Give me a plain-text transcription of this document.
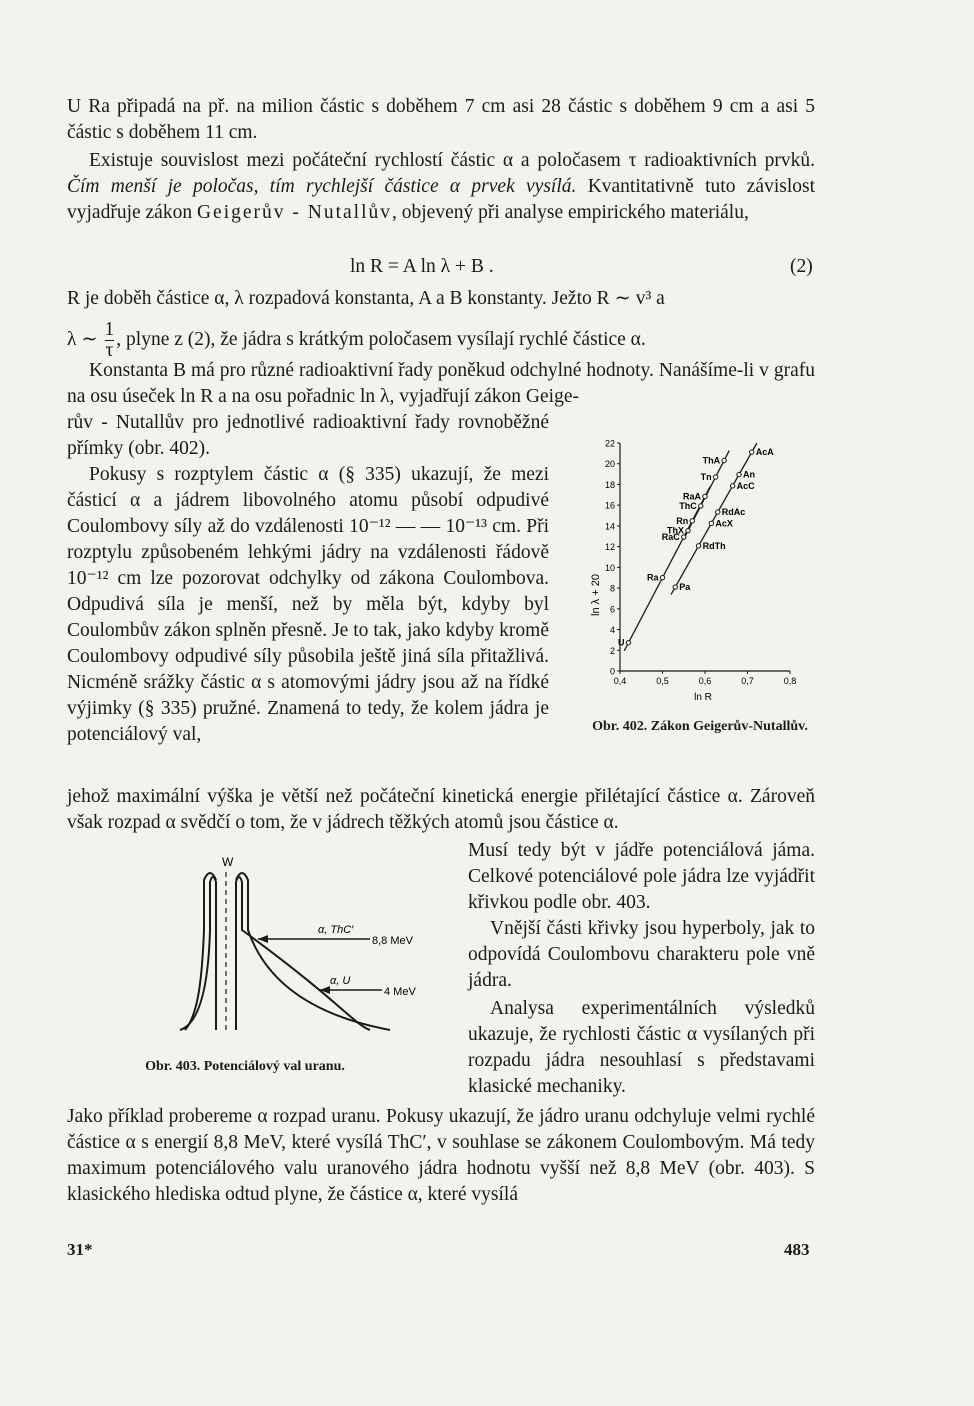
U Ra připadá na př. na milion částic s doběhem 7 cm asi 28 částic s doběhem 9 cm a asi 5 částic s doběhem 11 cm.

Existuje souvislost mezi počáteční rychlostí částic α a poločasem τ radioaktivních prvků. Čím menší je poločas, tím rychlejší částice α prvek vysílá. Kvantitativně tuto závislost vyjadřuje zákon Geigerův - Nutallův, objevený při analyse empirického materiálu,

ln R = A ln λ + B .	(2)

R je doběh částice α, λ rozpadová konstanta, A a B konstanty. Ježto R ∼ v³ a

λ ∼ $\frac{1}{\tau}$ , plyne z (2), že jádra s krátkým poločasem vysílají rychlé částice α.

Konstanta B má pro různé radioaktivní řady poněkud odchylné hodnoty. Nanášíme-li v grafu na osu úseček ln R a na osu pořadnic ln λ, vyjadřují zákon Geige-

rův - Nutallův pro jednotlivé radioaktivní řady rovnoběžné přímky (obr. 402).

Pokusy s rozptylem částic α (§ 335) ukazují, že mezi částicí α a jádrem libovolného atomu působí odpudivé Coulombovy síly až do vzdálenosti 10⁻¹² — — 10⁻¹³ cm. Při rozptylu způsobeném lehkými jádry na vzdálenosti řádově 10⁻¹² cm lze pozorovat odchylky od zákona Coulombova. Odpudivá síla je menší, než by měla být, kdyby byl Coulombův zákon splněn přesně. Je to tak, jako kdyby kromě Coulombovy odpudivé síly působila ještě jiná síla přitažlivá. Nicméně srážky částic α s atomovými jádry jsou až na řídké výjimky (§ 335) pružné. Znamená to tedy, že kolem jádra je potenciálový val,

0
2
4
6
8
10
12
14
16
18
20
22
0,4	0,5	0,6	0,7	0,8
U
Ra
RaC
Rn
RaA
ThX
ThC
Tn
ThA
Pa
RdTh
AcX
RdAc
AcC
An
AcA
ln λ + 20
ln R
Obr. 402. Zákon Geigerův-Nutallův.

jehož maximální výška je větší než počáteční kinetická energie přilétající částice α. Zároveň však rozpad α svědčí o tom, že v jádrech těžkých atomů jsou částice α.

W
α, ThC′
8,8 MeV
α, U
4 MeV
Obr. 403. Potenciálový val uranu.

Musí tedy být v jádře potenciálová jáma. Celkové potenciálové pole jádra lze vyjádřit křivkou podle obr. 403.

Vnější části křivky jsou hyperboly, jak to odpovídá Coulombovu charakteru pole vně jádra.

Analysa experimentálních výsledků ukazuje, že rychlosti částic α vysílaných při rozpadu jádra nesouhlasí s představami klasické mechaniky.

Jako příklad probereme α rozpad uranu. Pokusy ukazují, že jádro uranu odchyluje velmi rychlé částice α s energií 8,8 MeV, které vysílá ThC′, v souhlase se zákonem Coulombovým. Má tedy maximum potenciálového valu uranového jádra hodnotu vyšší než 8,8 MeV (obr. 403). S klasického hlediska odtud plyne, že částice α, které vysílá

31*	483
